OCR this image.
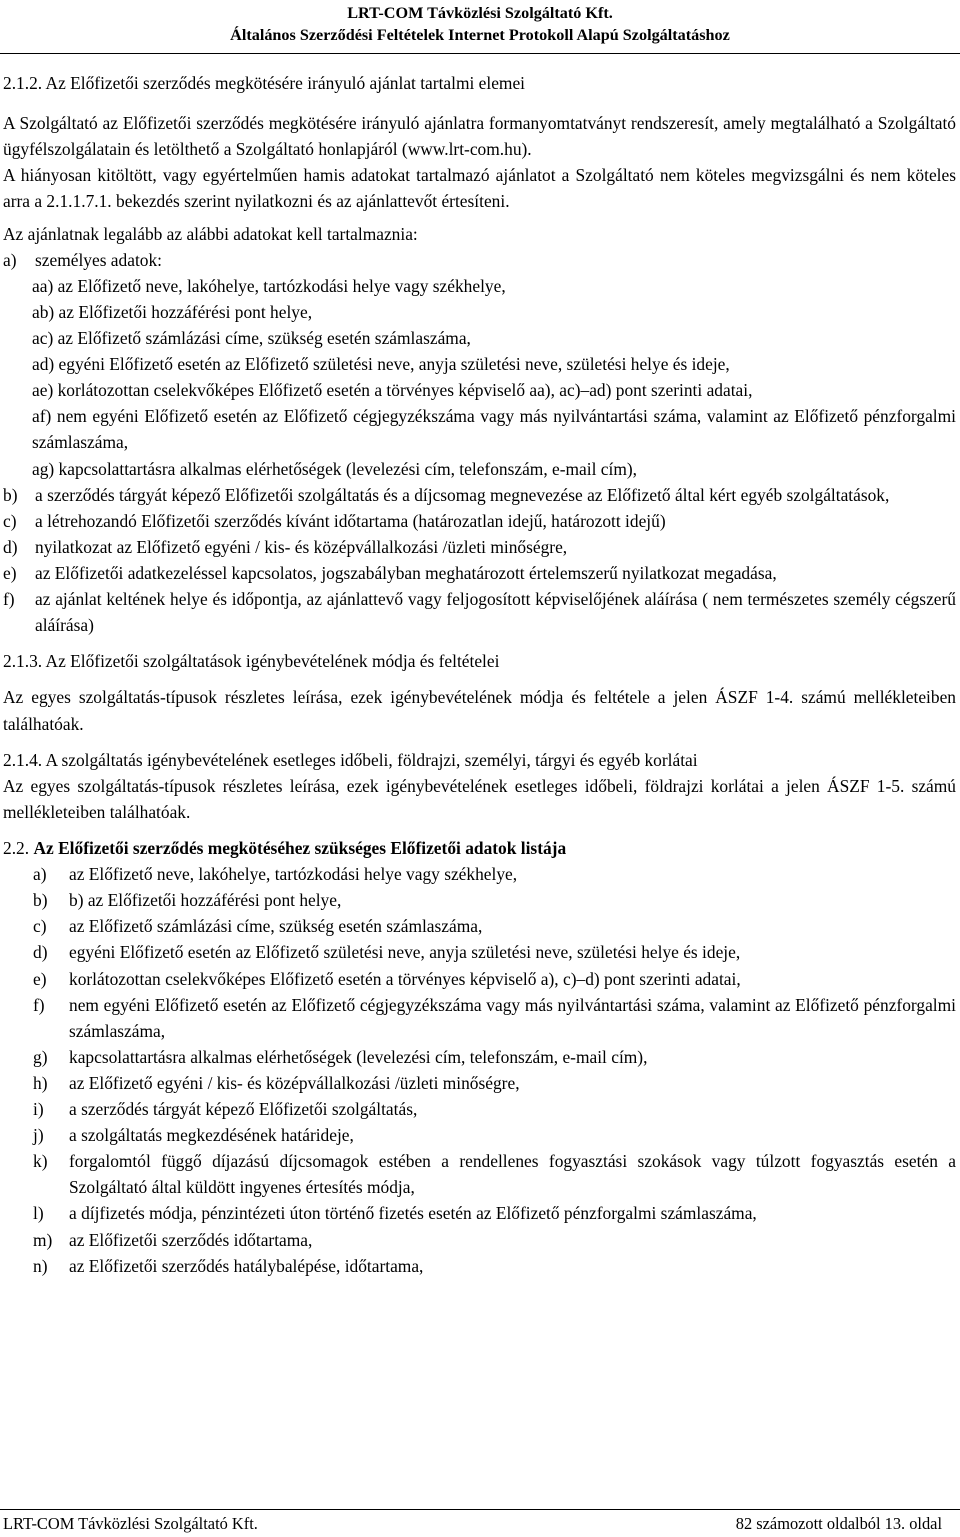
LRT-COM Távközlési Szolgáltató Kft.
Általános Szerződési Feltételek Internet Protokoll Alapú Szolgáltatáshoz

2.1.2. Az Előfizetői szerződés megkötésére irányuló ajánlat tartalmi elemei

A Szolgáltató az Előfizetői szerződés megkötésére irányuló ajánlatra formanyomtatványt rendszeresít, amely megtalálható a Szolgáltató ügyfélszolgálatain és letölthető a Szolgáltató honlapjáról (www.lrt-com.hu).

A hiányosan kitöltött, vagy egyértelműen hamis adatokat tartalmazó ajánlatot a Szolgáltató nem köteles megvizsgálni és nem köteles arra a 2.1.1.7.1. bekezdés szerint nyilatkozni és az ajánlattevőt értesíteni.

Az ajánlatnak legalább az alábbi adatokat kell tartalmaznia:

a) személyes adatok:
aa) az Előfizető neve, lakóhelye, tartózkodási helye vagy székhelye,
ab) az Előfizetői hozzáférési pont helye,
ac) az Előfizető számlázási címe, szükség esetén számlaszáma,
ad) egyéni Előfizető esetén az Előfizető születési neve, anyja születési neve, születési helye és ideje,
ae) korlátozottan cselekvőképes Előfizető esetén a törvényes képviselő aa), ac)–ad) pont szerinti adatai,
af) nem egyéni Előfizető esetén az Előfizető cégjegyzékszáma vagy más nyilvántartási száma, valamint az Előfizető pénzforgalmi számlaszáma,
ag) kapcsolattartásra alkalmas elérhetőségek (levelezési cím, telefonszám, e-mail cím),
b) a szerződés tárgyát képező Előfizetői szolgáltatás és a díjcsomag megnevezése az Előfizető által kért egyéb szolgáltatások,
c) a létrehozandó Előfizetői szerződés kívánt időtartama (határozatlan idejű, határozott idejű)
d) nyilatkozat az Előfizető egyéni / kis- és középvállalkozási /üzleti minőségre,
e) az Előfizetői adatkezeléssel kapcsolatos, jogszabályban meghatározott értelemszerű nyilatkozat megadása,
f) az ajánlat keltének helye és időpontja, az ajánlattevő vagy feljogosított képviselőjének aláírása ( nem természetes személy cégszerű aláírása)

2.1.3. Az Előfizetői szolgáltatások igénybevételének módja és feltételei

Az egyes szolgáltatás-típusok részletes leírása, ezek igénybevételének módja és feltétele a jelen ÁSZF 1-4. számú mellékleteiben találhatóak.

2.1.4. A szolgáltatás igénybevételének esetleges időbeli, földrajzi, személyi, tárgyi és egyéb korlátai

Az egyes szolgáltatás-típusok részletes leírása, ezek igénybevételének esetleges időbeli, földrajzi korlátai a jelen ÁSZF 1-5. számú mellékleteiben találhatóak.

2.2. Az Előfizetői szerződés megkötéséhez szükséges Előfizetői adatok listája

a) az Előfizető neve, lakóhelye, tartózkodási helye vagy székhelye,
b) b) az Előfizetői hozzáférési pont helye,
c) az Előfizető számlázási címe, szükség esetén számlaszáma,
d) egyéni Előfizető esetén az Előfizető születési neve, anyja születési neve, születési helye és ideje,
e) korlátozottan cselekvőképes Előfizető esetén a törvényes képviselő a), c)–d) pont szerinti adatai,
f) nem egyéni Előfizető esetén az Előfizető cégjegyzékszáma vagy más nyilvántartási száma, valamint az Előfizető pénzforgalmi számlaszáma,
g) kapcsolattartásra alkalmas elérhetőségek (levelezési cím, telefonszám, e-mail cím),
h) az Előfizető egyéni / kis- és középvállalkozási /üzleti minőségre,
i) a szerződés tárgyát képező Előfizetői szolgáltatás,
j) a szolgáltatás megkezdésének határideje,
k) forgalomtól függő díjazású díjcsomagok estében a rendellenes fogyasztási szokások vagy túlzott fogyasztás esetén a Szolgáltató által küldött ingyenes értesítés módja,
l) a díjfizetés módja, pénzintézeti úton történő fizetés esetén az Előfizető pénzforgalmi számlaszáma,
m) az Előfizetői szerződés időtartama,
n) az Előfizetői szerződés hatálybalépése, időtartama,
LRT-COM Távközlési Szolgáltató Kft.	82 számozott oldalból 13. oldal
